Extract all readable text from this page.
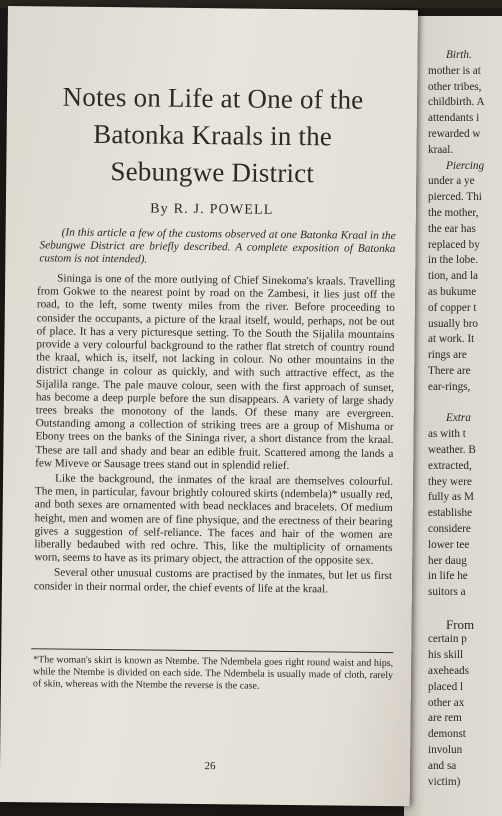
Birth.
mother is at
other tribes,
childbirth. A
attendants i
rewarded w
kraal.
Piercing
under a ye
pierced. Thi
the mother,
the ear has
replaced by
in the lobe.
tion, and la
as bukume
of copper t
usually bro
at work. It
rings are
There are
ear-rings,
Extra
as with t
weather. B
extracted,
they were
fully as M
establishe
considere
lower tee
her daug
in life he
suitors a
From
certain p
his skill
axeheads
placed l
other ax
are rem
demonst
involun
and sa
victim)
Notes on Life at One of the
Batonka Kraals in the
Sebungwe District
By R. J. POWELL
(In this article a few of the customs observed at one Batonka Kraal in the Sebungwe District are briefly described. A complete exposition of Batonka custom is not intended).

Sininga is one of the more outlying of Chief Sinekoma's kraals. Travelling from Gokwe to the nearest point by road on the Zambesi, it lies just off the road, to the left, some twenty miles from the river. Before proceeding to consider the occupants, a picture of the kraal itself, would, perhaps, not be out of place. It has a very picturesque setting. To the South the Sijalila mountains provide a very colourful background to the rather flat stretch of country round the kraal, which is, itself, not lacking in colour. No other mountains in the district change in colour as quickly, and with such attractive effect, as the Sijalila range. The pale mauve colour, seen with the first approach of sunset, has become a deep purple before the sun disappears. A variety of large shady trees breaks the monotony of the lands. Of these many are evergreen. Outstanding among a collection of striking trees are a group of Mishuma or Ebony trees on the banks of the Sininga river, a short distance from the kraal. These are tall and shady and bear an edible fruit. Scattered among the lands a few Miveve or Sausage trees stand out in splendid relief.

Like the background, the inmates of the kraal are themselves colourful. The men, in particular, favour brightly coloured skirts (ndembela)* usually red, and both sexes are ornamented with bead necklaces and bracelets. Of medium height, men and women are of fine physique, and the erectness of their bearing gives a suggestion of self-reliance. The faces and hair of the women are liberally bedaubed with red ochre. This, like the multiplicity of ornaments worn, seems to have as its primary object, the attraction of the opposite sex.

Several other unusual customs are practised by the inmates, but let us first consider in their normal order, the chief events of life at the kraal.

*The woman's skirt is known as Ntembe. The Ndembela goes right round waist and hips, while the Ntembe is divided on each side. The Ndembela is usually made of cloth, rarely of skin, whereas with the Ntembe the reverse is the case.
26
